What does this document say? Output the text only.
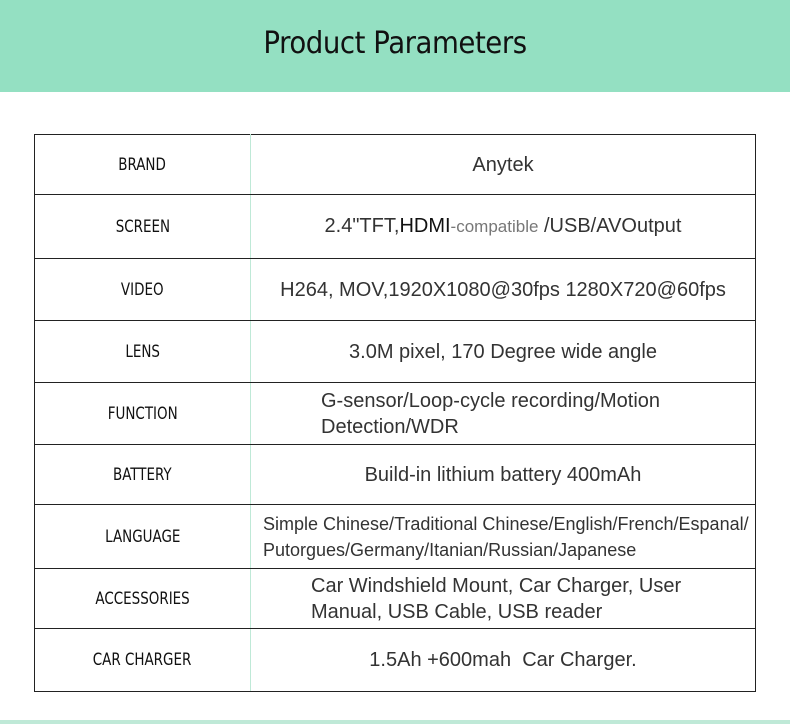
Product Parameters
BRAND	Anytek
SCREEN	2.4"TFT,HDMI-compatible /USB/AVOutput
VIDEO	H264, MOV,1920X1080@30fps 1280X720@60fps
LENS	3.0M pixel, 170 Degree wide angle
FUNCTION	G-sensor/Loop-cycle recording/Motion Detection/WDR
BATTERY	Build-in lithium battery 400mAh
LANGUAGE	Simple Chinese/Traditional Chinese/English/French/Espanal/Putorgues/Germany/Itanian/Russian/Japanese
ACCESSORIES	Car Windshield Mount, Car Charger, User Manual, USB Cable, USB reader
CAR CHARGER	1.5Ah +600mah  Car Charger.
